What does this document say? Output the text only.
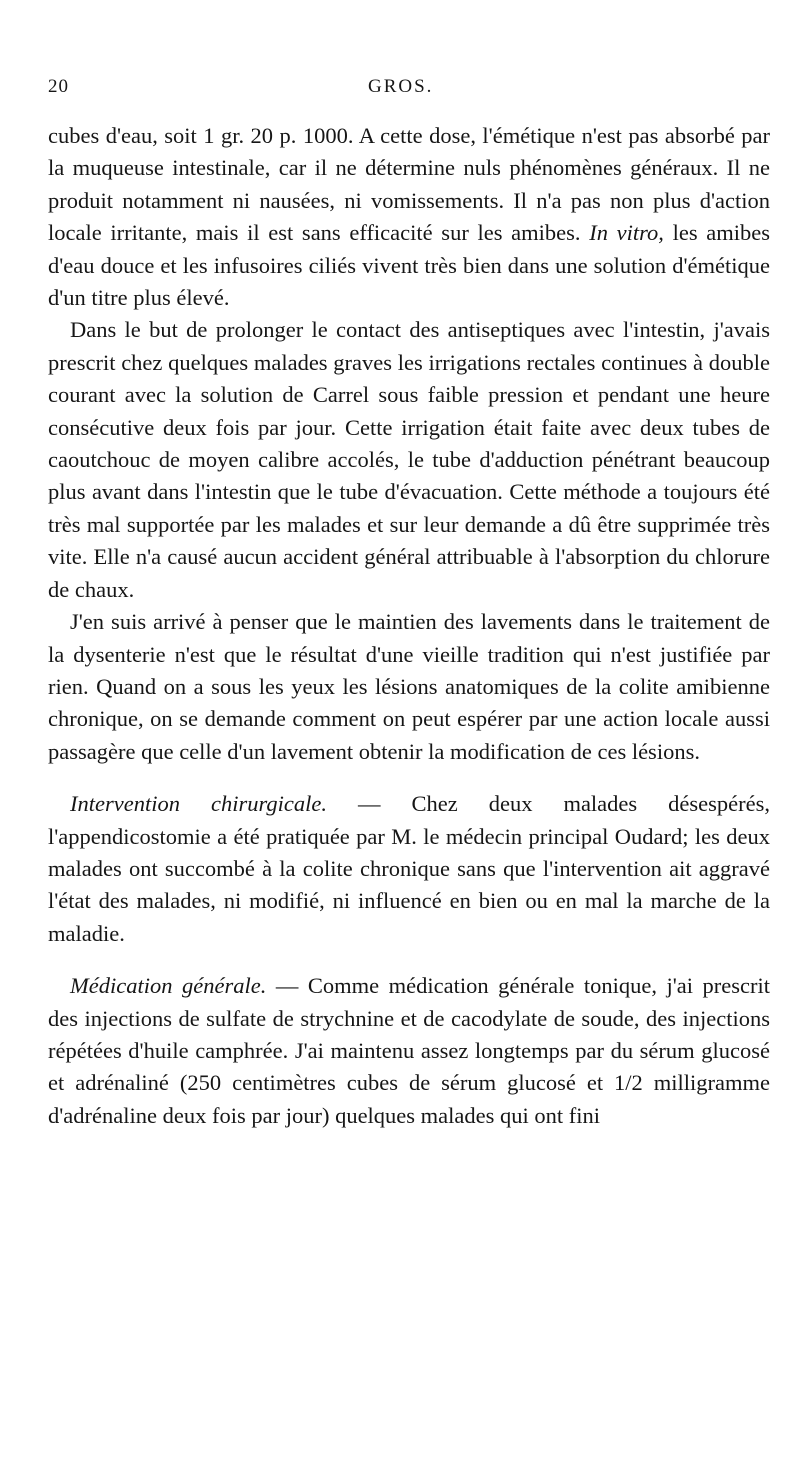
20	GROS.

cubes d'eau, soit 1 gr. 20 p. 1000. A cette dose, l'émétique n'est pas absorbé par la muqueuse intestinale, car il ne détermine nuls phénomènes généraux. Il ne produit notamment ni nausées, ni vomissements. Il n'a pas non plus d'action locale irritante, mais il est sans efficacité sur les amibes. In vitro, les amibes d'eau douce et les infusoires ciliés vivent très bien dans une solution d'émétique d'un titre plus élevé.

Dans le but de prolonger le contact des antiseptiques avec l'intestin, j'avais prescrit chez quelques malades graves les irrigations rectales continues à double courant avec la solution de Carrel sous faible pression et pendant une heure consécutive deux fois par jour. Cette irrigation était faite avec deux tubes de caoutchouc de moyen calibre accolés, le tube d'adduction pénétrant beaucoup plus avant dans l'intestin que le tube d'évacuation. Cette méthode a toujours été très mal supportée par les malades et sur leur demande a dû être supprimée très vite. Elle n'a causé aucun accident général attribuable à l'absorption du chlorure de chaux.

J'en suis arrivé à penser que le maintien des lavements dans le traitement de la dysenterie n'est que le résultat d'une vieille tradition qui n'est justifiée par rien. Quand on a sous les yeux les lésions anatomiques de la colite amibienne chronique, on se demande comment on peut espérer par une action locale aussi passagère que celle d'un lavement obtenir la modification de ces lésions.

Intervention chirurgicale. — Chez deux malades désespérés, l'appendicostomie a été pratiquée par M. le médecin principal Oudard; les deux malades ont succombé à la colite chronique sans que l'intervention ait aggravé l'état des malades, ni modifié, ni influencé en bien ou en mal la marche de la maladie.

Médication générale. — Comme médication générale tonique, j'ai prescrit des injections de sulfate de strychnine et de cacodylate de soude, des injections répétées d'huile camphrée. J'ai maintenu assez longtemps par du sérum glucosé et adrénaliné (250 centimètres cubes de sérum glucosé et 1/2 milligramme d'adrénaline deux fois par jour) quelques malades qui ont fini
